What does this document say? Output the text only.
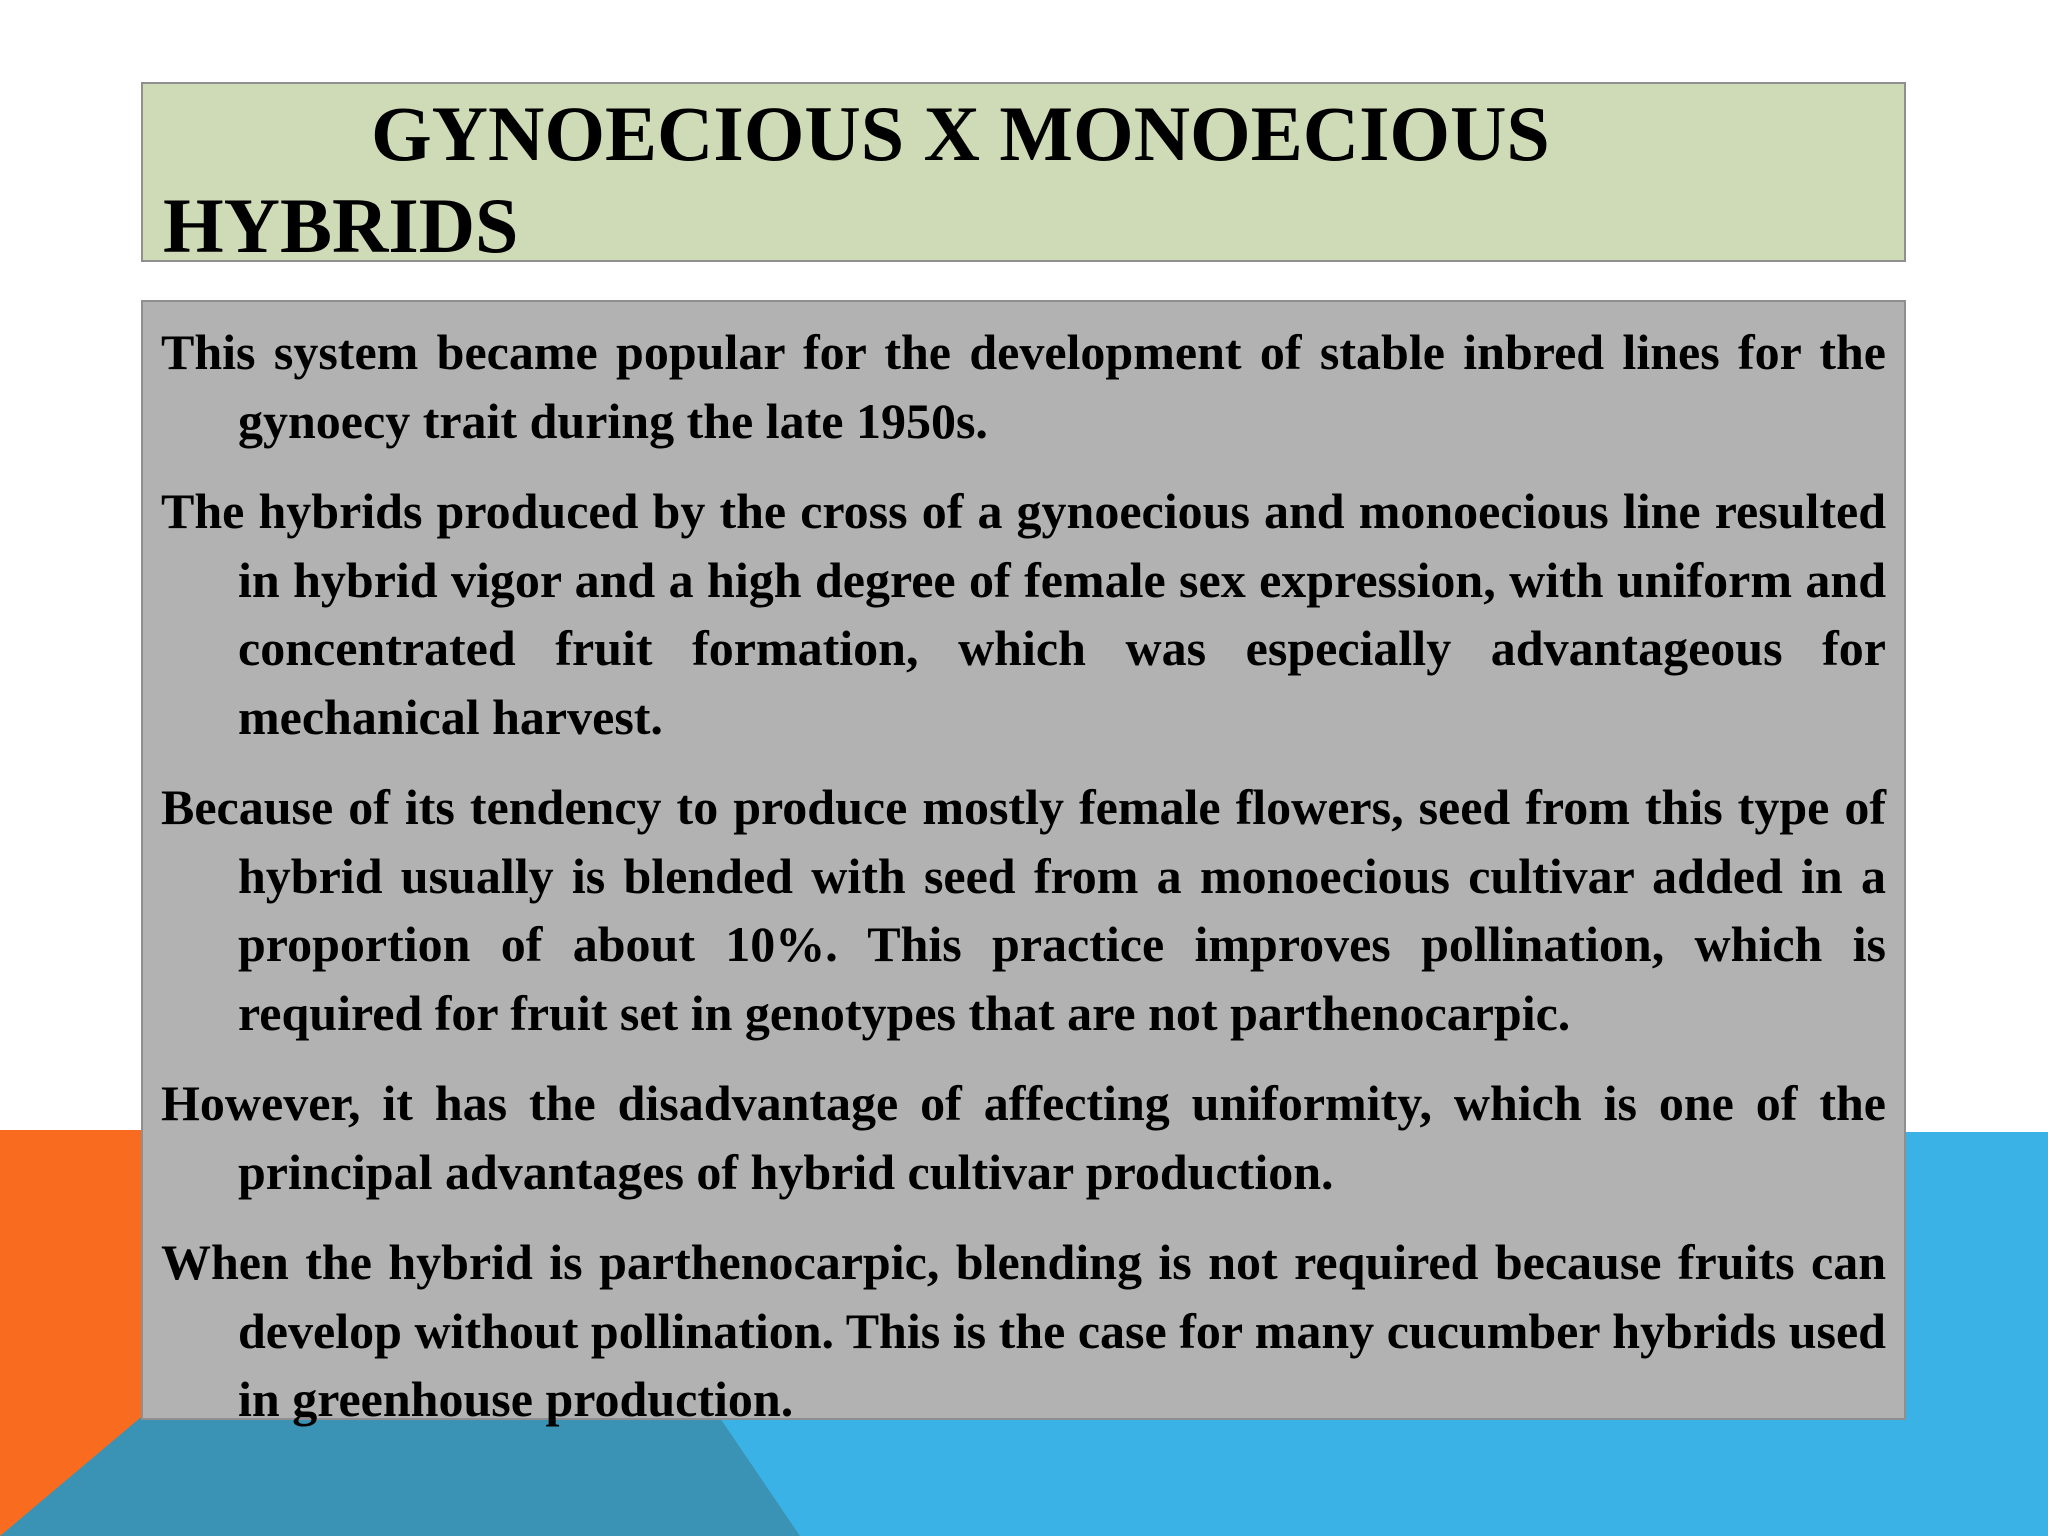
GYNOECIOUS X MONOECIOUS HYBRIDS

This system became popular for the development of stable inbred lines for the gynoecy trait during the late 1950s.

The hybrids produced by the cross of a gynoecious and monoecious line resulted in hybrid vigor and a high degree of female sex expression, with uniform and concentrated fruit formation, which was especially advantageous for mechanical harvest.

Because of its tendency to produce mostly female flowers, seed from this type of hybrid usually is blended with seed from a monoecious cultivar added in a proportion of about 10%. This practice improves pollination, which is required for fruit set in genotypes that are not parthenocarpic.

However, it has the disadvantage of affecting uniformity, which is one of the principal advantages of hybrid cultivar production.

When the hybrid is parthenocarpic, blending is not required because fruits can develop without pollination. This is the case for many cucumber hybrids used in greenhouse production.
